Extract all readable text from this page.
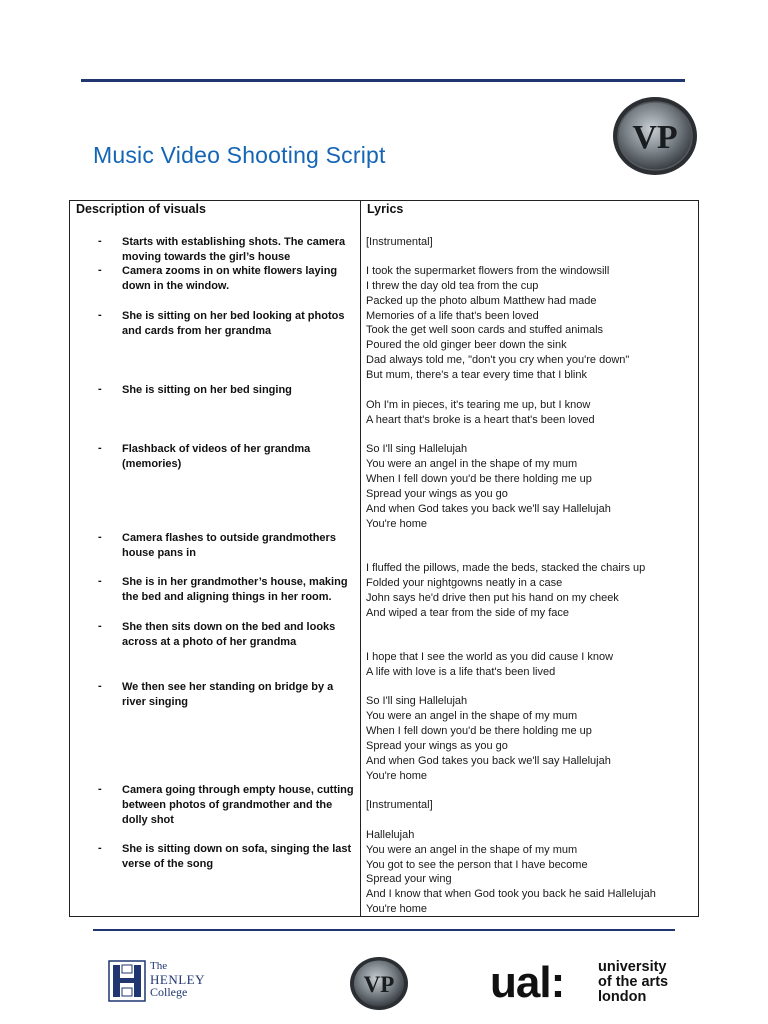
VP
Music Video Shooting Script
Description of visuals	Lyrics
- Starts with establishing shots. The camera moving towards the girl’s house
- Camera zooms in on white flowers laying down in the window.
- She is sitting on her bed looking at photos and cards from her grandma
- She is sitting on her bed singing
- Flashback of videos of her grandma (memories)
- Camera flashes to outside grandmothers house pans in
- She is in her grandmother’s house, making the bed and aligning things in her room.
- She then sits down on the bed and looks across at a photo of her grandma
- We then see her standing on bridge by a river singing
- Camera going through empty house, cutting between photos of grandmother and the dolly shot
- She is sitting down on sofa, singing the last verse of the song
[Instrumental]
I took the supermarket flowers from the windowsill
I threw the day old tea from the cup
Packed up the photo album Matthew had made
Memories of a life that's been loved
Took the get well soon cards and stuffed animals
Poured the old ginger beer down the sink
Dad always told me, "don't you cry when you're down"
But mum, there's a tear every time that I blink
Oh I'm in pieces, it's tearing me up, but I know
A heart that's broke is a heart that's been loved
So I'll sing Hallelujah
You were an angel in the shape of my mum
When I fell down you'd be there holding me up
Spread your wings as you go
And when God takes you back we'll say Hallelujah
You're home
I fluffed the pillows, made the beds, stacked the chairs up
Folded your nightgowns neatly in a case
John says he'd drive then put his hand on my cheek
And wiped a tear from the side of my face
I hope that I see the world as you did cause I know
A life with love is a life that's been lived
So I'll sing Hallelujah
You were an angel in the shape of my mum
When I fell down you'd be there holding me up
Spread your wings as you go
And when God takes you back we'll say Hallelujah
You're home
[Instrumental]
Hallelujah
You were an angel in the shape of my mum
You got to see the person that I have become
Spread your wing
And I know that when God took you back he said Hallelujah
You're home
The
HENLEY
College	VP ual: university
of the arts
london
